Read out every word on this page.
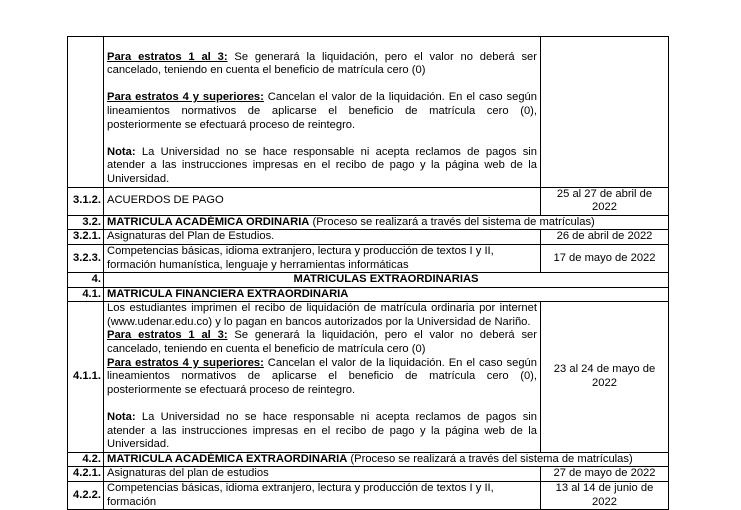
	Para estratos 1 al 3: Se generará la liquidación, pero el valor no deberá ser cancelado, teniendo en cuenta el beneficio de matrícula cero (0)
Para estratos 4 y superiores: Cancelan el valor de la liquidación. En el caso según lineamientos normativos de aplicarse el beneficio de matrícula cero (0), posteriormente se efectuará proceso de reintegro.
Nota: La Universidad no se hace responsable ni acepta reclamos de pagos sin atender a las instrucciones impresas en el recibo de pago y la página web de la Universidad.	

3.1.2.	ACUERDOS DE PAGO	25 al 27 de abril de 2022
3.2.	MATRICULA ACADÉMICA ORDINARIA (Proceso se realizará a través del sistema de matrículas)	
3.2.1.	Asignaturas del Plan de Estudios.	26 de abril de 2022
3.2.3.	Competencias básicas, idioma extranjero, lectura y producción de textos I y II, formación humanística, lenguaje y herramientas informáticas	17 de mayo de 2022
4.	MATRICULAS EXTRAORDINARIAS	
4.1.	MATRICULA FINANCIERA EXTRAORDINARIA	
4.1.1.	Los estudiantes imprimen el recibo de liquidación de matrícula ordinaria por internet (www.udenar.edu.co) y lo pagan en bancos autorizados por la Universidad de Nariño.
Para estratos 1 al 3: Se generará la liquidación, pero el valor no deberá ser cancelado, teniendo en cuenta el beneficio de matrícula cero (0)
Para estratos 4 y superiores: Cancelan el valor de la liquidación. En el caso según lineamientos normativos de aplicarse el beneficio de matrícula cero (0), posteriormente se efectuará proceso de reintegro.
Nota: La Universidad no se hace responsable ni acepta reclamos de pagos sin atender a las instrucciones impresas en el recibo de pago y la página web de la Universidad.	23 al 24 de mayo de 2022
4.2.	MATRICULA ACADÉMICA EXTRAORDINARIA (Proceso se realizará a través del sistema de matrículas)	
4.2.1.	Asignaturas del plan de estudios	27 de mayo de 2022
4.2.2.	Competencias básicas, idioma extranjero, lectura y producción de textos I y II, formación	13 al 14 de junio de 2022
